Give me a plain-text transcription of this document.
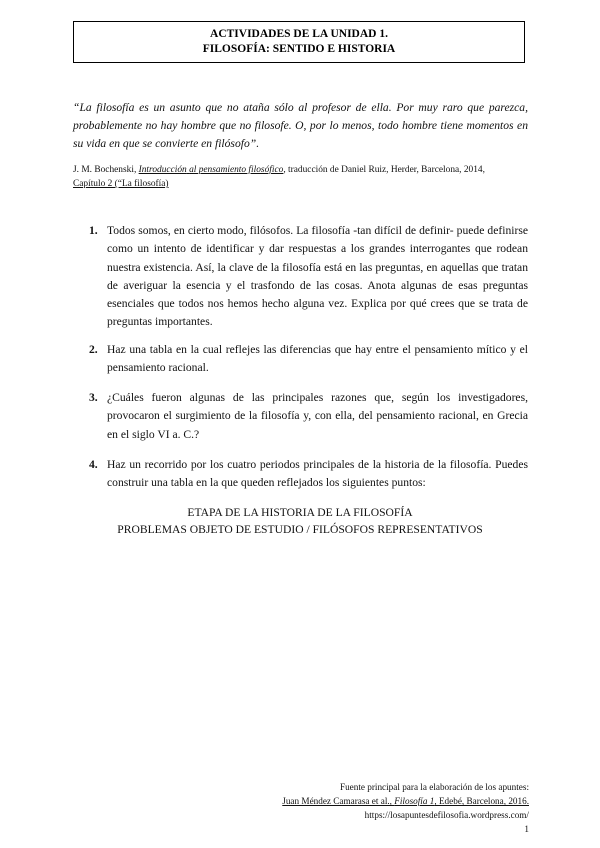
ACTIVIDADES DE LA UNIDAD 1.
FILOSOFÍA: SENTIDO E HISTORIA
“La filosofía es un asunto que no ataña sólo al profesor de ella. Por muy raro que parezca, probablemente no hay hombre que no filosofe. O, por lo menos, todo hombre tiene momentos en su vida en que se convierte en filósofo”.
J. M. Bochenski, Introducción al pensamiento filosófico, traducción de Daniel Ruiz, Herder, Barcelona, 2014,
Capítulo 2 (“La filosofía)
1. Todos somos, en cierto modo, filósofos. La filosofía -tan difícil de definir- puede definirse como un intento de identificar y dar respuestas a los grandes interrogantes que rodean nuestra existencia. Así, la clave de la filosofía está en las preguntas, en aquellas que tratan de averiguar la esencia y el trasfondo de las cosas. Anota algunas de esas preguntas esenciales que todos nos hemos hecho alguna vez. Explica por qué crees que se trata de preguntas importantes.
2. Haz una tabla en la cual reflejes las diferencias que hay entre el pensamiento mítico y el pensamiento racional.
3. ¿Cuáles fueron algunas de las principales razones que, según los investigadores, provocaron el surgimiento de la filosofía y, con ella, del pensamiento racional, en Grecia en el siglo VI a. C.?
4. Haz un recorrido por los cuatro periodos principales de la historia de la filosofía. Puedes construir una tabla en la que queden reflejados los siguientes puntos:
ETAPA DE LA HISTORIA DE LA FILOSOFÍA
PROBLEMAS OBJETO DE ESTUDIO / FILÓSOFOS REPRESENTATIVOS
Fuente principal para la elaboración de los apuntes:
Juan Méndez Camarasa et al., Filosofía 1, Edebé, Barcelona, 2016.
https://losapuntesdefilosofia.wordpress.com/
1
